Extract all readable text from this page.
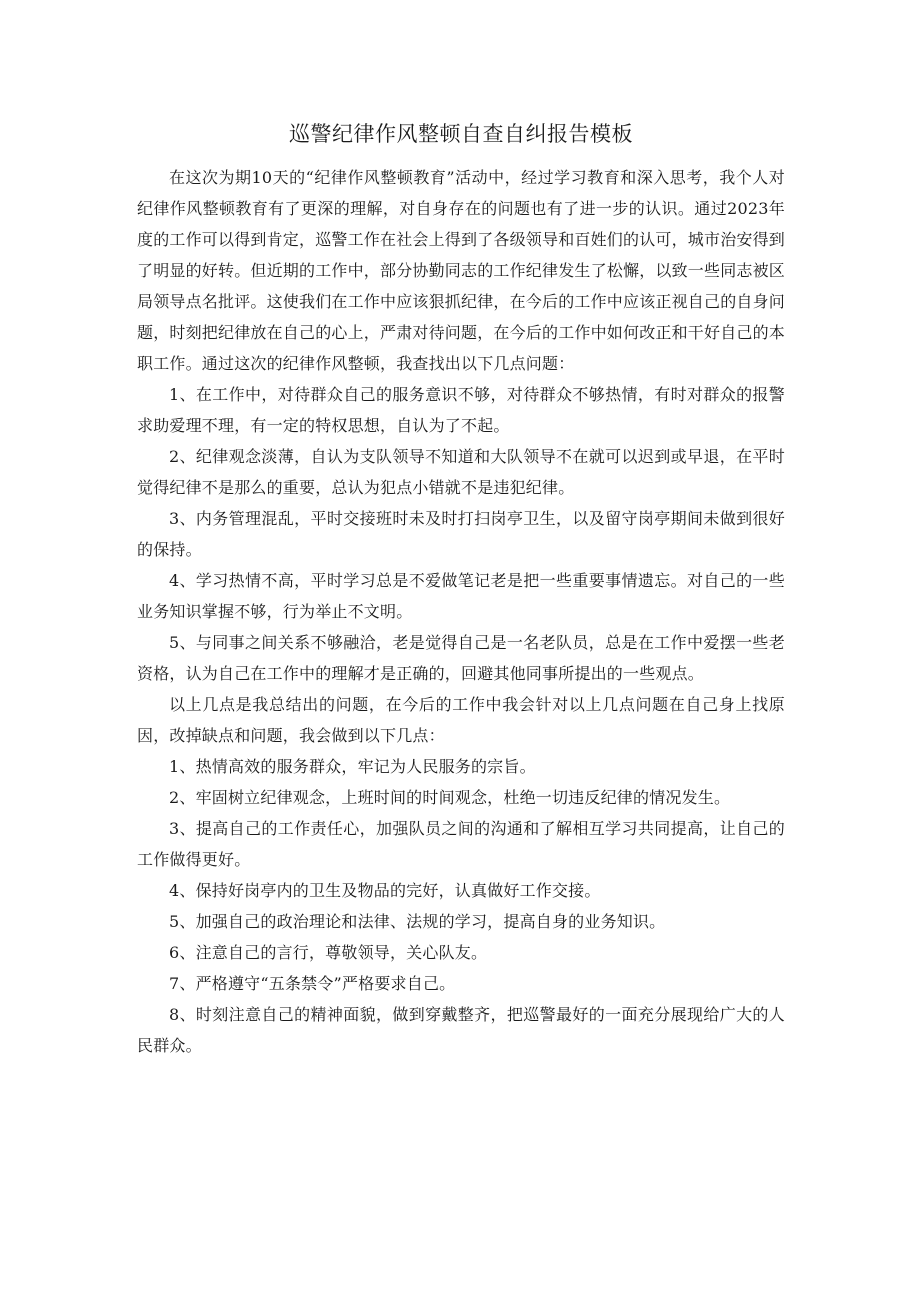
巡警纪律作风整顿自查自纠报告模板

在这次为期10天的“纪律作风整顿教育”活动中，经过学习教育和深入思考，我个人对纪律作风整顿教育有了更深的理解，对自身存在的问题也有了进一步的认识。通过2023年度的工作可以得到肯定，巡警工作在社会上得到了各级领导和百姓们的认可，城市治安得到了明显的好转。但近期的工作中，部分协勤同志的工作纪律发生了松懈，以致一些同志被区局领导点名批评。这使我们在工作中应该狠抓纪律，在今后的工作中应该正视自己的自身问题，时刻把纪律放在自己的心上，严肃对待问题，在今后的工作中如何改正和干好自己的本职工作。通过这次的纪律作风整顿，我查找出以下几点问题：

1、在工作中，对待群众自己的服务意识不够，对待群众不够热情，有时对群众的报警求助爱理不理，有一定的特权思想，自认为了不起。

2、纪律观念淡薄，自认为支队领导不知道和大队领导不在就可以迟到或早退，在平时觉得纪律不是那么的重要，总认为犯点小错就不是违犯纪律。

3、内务管理混乱，平时交接班时未及时打扫岗亭卫生，以及留守岗亭期间未做到很好的保持。

4、学习热情不高，平时学习总是不爱做笔记老是把一些重要事情遗忘。对自己的一些业务知识掌握不够，行为举止不文明。

5、与同事之间关系不够融洽，老是觉得自己是一名老队员，总是在工作中爱摆一些老资格，认为自己在工作中的理解才是正确的，回避其他同事所提出的一些观点。

以上几点是我总结出的问题，在今后的工作中我会针对以上几点问题在自己身上找原因，改掉缺点和问题，我会做到以下几点：

1、热情高效的服务群众，牢记为人民服务的宗旨。

2、牢固树立纪律观念，上班时间的时间观念，杜绝一切违反纪律的情况发生。

3、提高自己的工作责任心，加强队员之间的沟通和了解相互学习共同提高，让自己的工作做得更好。

4、保持好岗亭内的卫生及物品的完好，认真做好工作交接。

5、加强自己的政治理论和法律、法规的学习，提高自身的业务知识。

6、注意自己的言行，尊敬领导，关心队友。

7、严格遵守“五条禁令”严格要求自己。

8、时刻注意自己的精神面貌，做到穿戴整齐，把巡警最好的一面充分展现给广大的人民群众。
